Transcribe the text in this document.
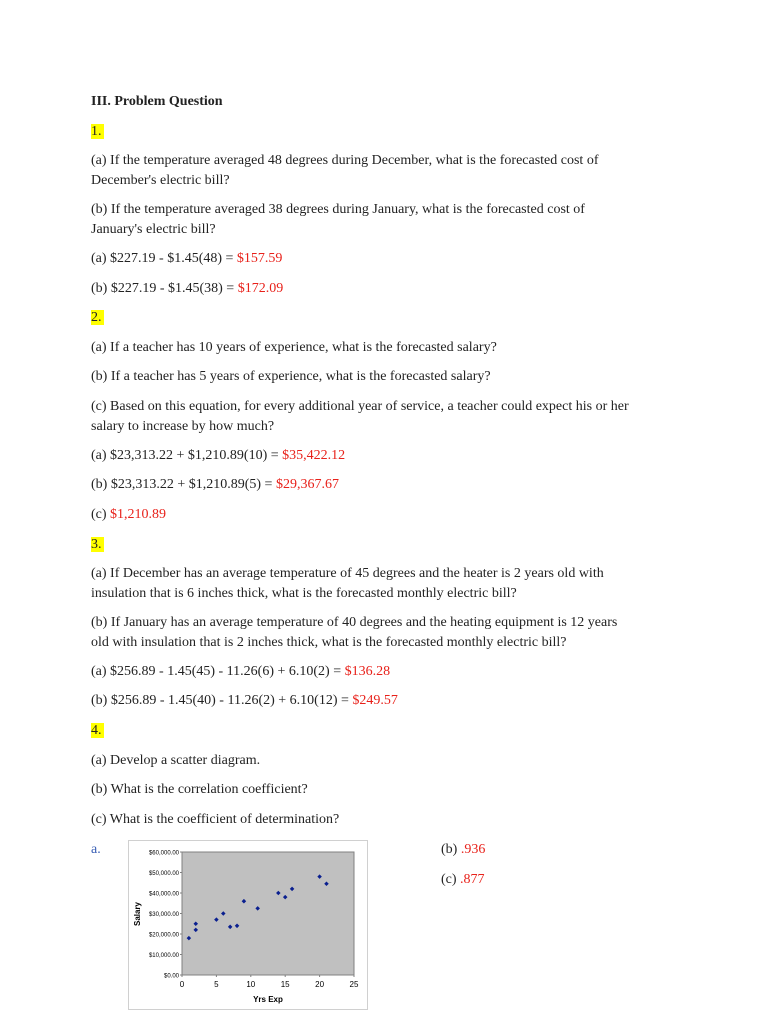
III. Problem Question
1.
(a) If the temperature averaged 48 degrees during December, what is the forecasted cost of
December's electric bill?
(b) If the temperature averaged 38 degrees during January, what is the forecasted cost of
January's electric bill?
(a) $227.19 - $1.45(48) = $157.59
(b) $227.19 - $1.45(38) = $172.09
2.
(a) If a teacher has 10 years of experience, what is the forecasted salary?
(b) If a teacher has 5 years of experience, what is the forecasted salary?
(c) Based on this equation, for every additional year of service, a teacher could expect his or her
salary to increase by how much?
(a) $23,313.22 + $1,210.89(10) = $35,422.12
(b) $23,313.22 + $1,210.89(5) = $29,367.67
(c) $1,210.89
3.
(a) If December has an average temperature of 45 degrees and the heater is 2 years old with
insulation that is 6 inches thick, what is the forecasted monthly electric bill?
(b) If January has an average temperature of 40 degrees and the heating equipment is 12 years
old with insulation that is 2 inches thick, what is the forecasted monthly electric bill?
(a) $256.89 - 1.45(45) - 11.26(6) + 6.10(2) = $136.28
(b) $256.89 - 1.45(40) - 11.26(2) + 6.10(12) = $249.57
4.
(a) Develop a scatter diagram.
(b) What is the correlation coefficient?
(c) What is the coefficient of determination?
a.	(b) .936
(c) .877
$0.00
$10,000.00
$20,000.00
$30,000.00
$40,000.00
$50,000.00
$60,000.00
0	5	10	15	20	25
Salary
Yrs Exp
